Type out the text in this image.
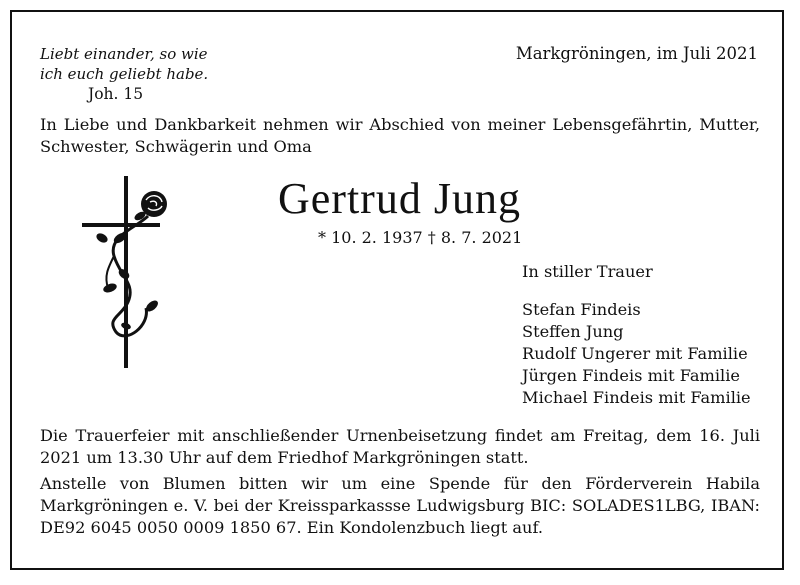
Liebt einander, so wie
ich euch geliebt habe.
Joh. 15
Markgröningen, im Juli 2021
In Liebe und Dankbarkeit nehmen wir Abschied von meiner Lebensgefährtin, Mutter, Schwester, Schwägerin und Oma
Gertrud Jung
* 10. 2. 1937 † 8. 7. 2021
In stiller Trauer
Stefan Findeis
Steffen Jung
Rudolf Ungerer mit Familie
Jürgen Findeis mit Familie
Michael Findeis mit Familie
Die Trauerfeier mit anschließender Urnenbeisetzung findet am Freitag, dem 16. Juli 2021 um 13.30 Uhr auf dem Friedhof Markgröningen statt.
Anstelle von Blumen bitten wir um eine Spende für den Förderverein Habila Markgröningen e. V. bei der Kreissparkassse Ludwigsburg BIC: SOLADES1LBG, IBAN: DE92 6045 0050 0009 1850 67. Ein Kondolenzbuch liegt auf.
